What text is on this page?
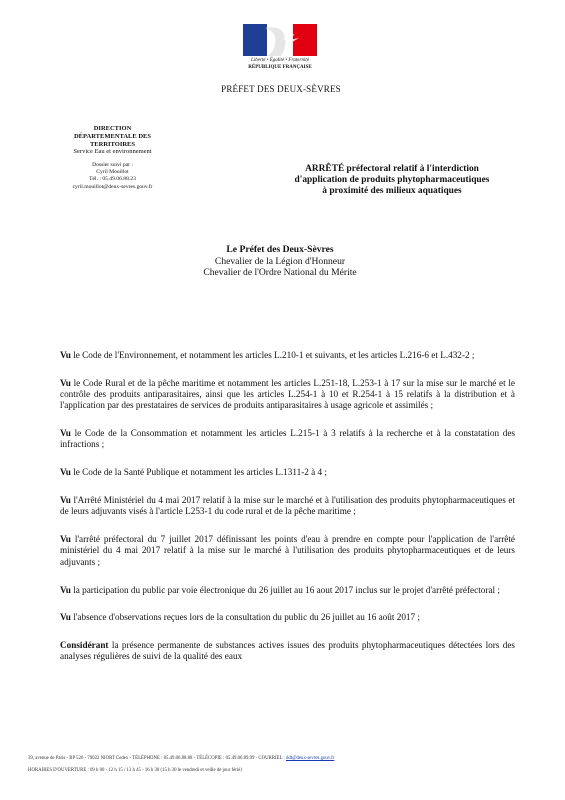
Liberté • Égalité • Fraternité
RÉPUBLIQUE FRANÇAISE
PRÉFET DES DEUX-SÈVRES
DIRECTION
DÉPARTEMENTALE DES
TERRITOIRES
Service Eau et environnement
Dossier suivi par :
Cyril Mouillot
Tél. : 05.49.06.88.23
cyril.mouillot@deux-sevres.gouv.fr
ARRÊTÉ préfectoral relatif à l'interdiction d'application de produits phytopharmaceutiques à proximité des milieux aquatiques
Le Préfet des Deux-Sèvres
Chevalier de la Légion d'Honneur
Chevalier de l'Ordre National du Mérite

Vu le Code de l'Environnement, et notamment les articles L.210-1 et suivants, et les articles L.216-6 et L.432-2 ;

Vu le Code Rural et de la pêche maritime et notamment les articles L.251-18, L.253-1 à 17 sur la mise sur le marché et le contrôle des produits antiparasitaires, ainsi que les articles L.254-1 à 10 et R.254-1 à 15 relatifs à la distribution et à l'application par des prestataires de services de produits antiparasitaires à usage agricole et assimilés ;

Vu le Code de la Consommation et notamment les articles L.215-1 à 3 relatifs à la recherche et à la constatation des infractions ;

Vu le Code de la Santé Publique et notamment les articles L.1311-2 à 4 ;

Vu l'Arrêté Ministériel du 4 mai 2017 relatif à la mise sur le marché et à l'utilisation des produits phytopharmaceutiques et de leurs adjuvants visés à l'article L253-1 du code rural et de la pêche maritime ;

Vu l'arrêté préfectoral du 7 juillet 2017 définissant les points d'eau à prendre en compte pour l'application de l'arrêté ministériel du 4 mai 2017 relatif à la mise sur le marché à l'utilisation des produits phytopharmaceutiques et de leurs adjuvants ;

Vu la participation du public par voie électronique du 26 juillet au 16 aout 2017 inclus sur le projet d'arrêté préfectoral ;

Vu l'absence d'observations reçues lors de la consultation du public du 26 juillet au 16 août 2017 ;

Considérant la présence permanente de substances actives issues des produits phytopharmaceutiques détectées lors des analyses régulières de suivi de la qualité des eaux

39, avenue de Paris - BP 526 - 79022 NIORT Cedex - TÉLÉPHONE : 05.49.06.88.88 - TÉLÉCOPIE : 05.49.06.89.99 - COURRIEL : ddt@deux-sevres.gouv.fr
HORAIRES D'OUVERTURE : 09 h 00 - 12 h 15 / 13 h 45 - 16 h 30 (15 h 30 le vendredi et veille de jour férié)
